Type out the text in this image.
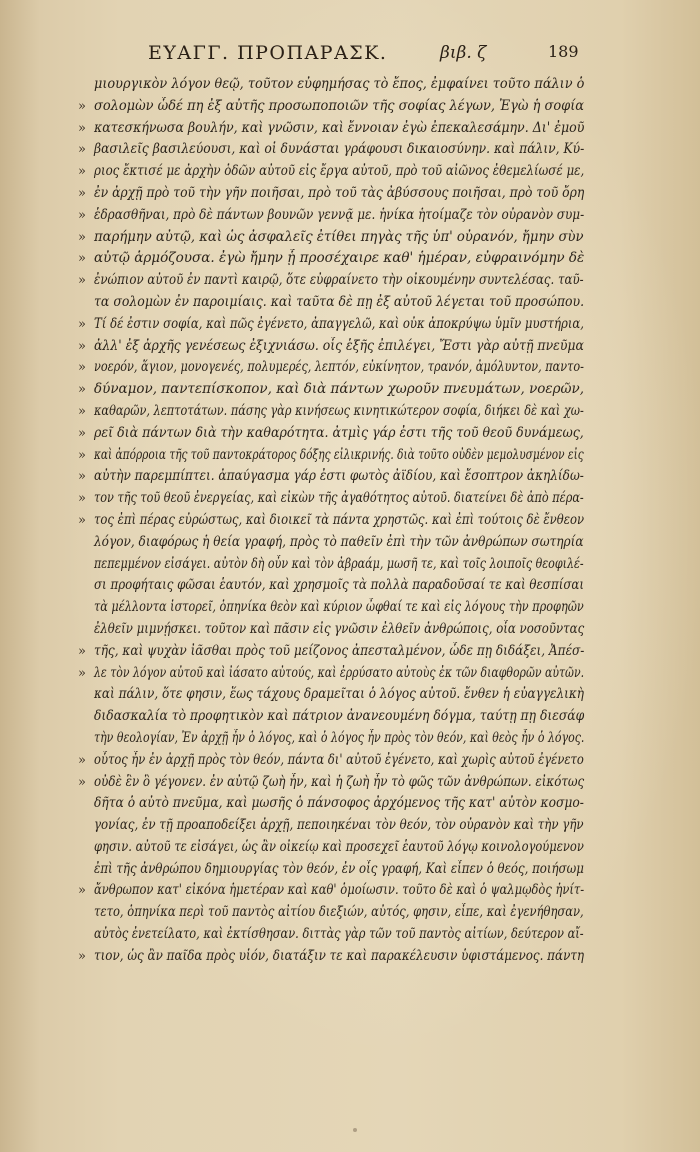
ΕΥΑΓΓ. ΠΡΟΠΑΡΑΣΚ.	βιβ. ζ	189
μιουργικὸν λόγον θεῷ, τοῦτον εὐφημήσας τὸ ἔπος, ἐμφαίνει τοῦτο πάλιν ὁ
» σολομὼν ὧδέ πη ἐξ αὐτῆς προσωποποιῶν τῆς σοφίας λέγων, Ἐγὼ ἡ σοφία
» κατεσκήνωσα βουλήν, καὶ γνῶσιν, καὶ ἔννοιαν ἐγὼ ἐπεκαλεσάμην. Δι' ἐμοῦ
» βασιλεῖς βασιλεύουσι, καὶ οἱ δυνάσται γράφουσι δικαιοσύνην. καὶ πάλιν, Κύ-
» ριος ἔκτισέ με ἀρχὴν ὁδῶν αὐτοῦ εἰς ἔργα αὐτοῦ, πρὸ τοῦ αἰῶνος ἐθεμελίωσέ με,
» ἐν ἀρχῇ πρὸ τοῦ τὴν γῆν ποιῆσαι, πρὸ τοῦ τὰς ἀβύσσους ποιῆσαι, πρὸ τοῦ ὄρη
» ἑδρασθῆναι, πρὸ δὲ πάντων βουνῶν γεννᾷ με. ἡνίκα ἡτοίμαζε τὸν οὐρανὸν συμ-
» παρήμην αὐτῷ, καὶ ὡς ἀσφαλεῖς ἐτίθει πηγὰς τῆς ὑπ' οὐρανόν, ἤμην σὺν
» αὐτῷ ἁρμόζουσα. ἐγὼ ἤμην ᾗ προσέχαιρε καθ' ἡμέραν, εὐφραινόμην δὲ
» ἐνώπιον αὐτοῦ ἐν παντὶ καιρῷ, ὅτε εὐφραίνετο τὴν οἰκουμένην συντελέσας. ταῦ-
τα σολομὼν ἐν παροιμίαις. καὶ ταῦτα δὲ πῃ ἐξ αὐτοῦ λέγεται τοῦ προσώπου.
» Τί δέ ἐστιν σοφία, καὶ πῶς ἐγένετο, ἀπαγγελῶ, καὶ οὐκ ἀποκρύψω ὑμῖν μυστήρια,
» ἀλλ' ἐξ ἀρχῆς γενέσεως ἐξιχνιάσω. οἷς ἑξῆς ἐπιλέγει, Ἔστι γὰρ αὐτῇ πνεῦμα
» νοερόν, ἅγιον, μονογενές, πολυμερές, λεπτόν, εὐκίνητον, τρανόν, ἀμόλυντον, παντο-
» δύναμον, παντεπίσκοπον, καὶ διὰ πάντων χωροῦν πνευμάτων, νοερῶν,
» καθαρῶν, λεπτοτάτων. πάσης γὰρ κινήσεως κινητικώτερον σοφία, διήκει δὲ καὶ χω-
» ρεῖ διὰ πάντων διὰ τὴν καθαρότητα. ἀτμὶς γάρ ἐστι τῆς τοῦ θεοῦ δυνάμεως,
» καὶ ἀπόρροια τῆς τοῦ παντοκράτορος δόξης εἰλικρινής. διὰ τοῦτο οὐδὲν μεμολυσμένον εἰς
» αὐτὴν παρεμπίπτει. ἀπαύγασμα γάρ ἐστι φωτὸς ἀϊδίου, καὶ ἔσοπτρον ἀκηλίδω-
» τον τῆς τοῦ θεοῦ ἐνεργείας, καὶ εἰκὼν τῆς ἀγαθότητος αὐτοῦ. διατείνει δὲ ἀπὸ πέρα-
» τος ἐπὶ πέρας εὐρώστως, καὶ διοικεῖ τὰ πάντα χρηστῶς. καὶ ἐπὶ τούτοις δὲ ἔνθεον
λόγον, διαφόρως ἡ θεία γραφή, πρὸς τὸ παθεῖν ἐπὶ τὴν τῶν ἀνθρώπων σωτηρία
πεπεμμένον εἰσάγει. αὐτὸν δὴ οὖν καὶ τὸν ἀβραάμ, μωσῆ τε, καὶ τοῖς λοιποῖς θεοφιλέ-
σι προφήταις φῶσαι ἑαυτόν, καὶ χρησμοῖς τὰ πολλὰ παραδοῦσαί τε καὶ θεσπίσαι
τὰ μέλλοντα ἱστορεῖ, ὁπηνίκα θεὸν καὶ κύριον ὦφθαί τε καὶ εἰς λόγους τὴν προφηῶν
ἐλθεῖν μιμνῄσκει. τοῦτον καὶ πᾶσιν εἰς γνῶσιν ἐλθεῖν ἀνθρώποις, οἷα νοσοῦντας
» τῆς, καὶ ψυχὰν ἰᾶσθαι πρὸς τοῦ μείζονος ἀπεσταλμένον, ὧδε πῃ διδάξει, Ἀπέσ-
» λε τὸν λόγον αὐτοῦ καὶ ἰάσατο αὐτούς, καὶ ἐρρύσατο αὐτοὺς ἐκ τῶν διαφθορῶν αὐτῶν.
καὶ πάλιν, ὅτε φησιν, ἕως τάχους δραμεῖται ὁ λόγος αὐτοῦ. ἔνθεν ἡ εὐαγγελικὴ
διδασκαλία τὸ προφητικὸν καὶ πάτριον ἀνανεουμένη δόγμα, ταύτῃ πῃ διεσάφ
τὴν θεολογίαν, Ἐν ἀρχῇ ἦν ὁ λόγος, καὶ ὁ λόγος ἦν πρὸς τὸν θεόν, καὶ θεὸς ἦν ὁ λόγος.
» οὗτος ἦν ἐν ἀρχῇ πρὸς τὸν θεόν, πάντα δι' αὐτοῦ ἐγένετο, καὶ χωρὶς αὐτοῦ ἐγένετο
» οὐδὲ ἓν ὃ γέγονεν. ἐν αὐτῷ ζωὴ ἦν, καὶ ἡ ζωὴ ἦν τὸ φῶς τῶν ἀνθρώπων. εἰκότως
δῆτα ὁ αὐτὸ πνεῦμα, καὶ μωσῆς ὁ πάνσοφος ἀρχόμενος τῆς κατ' αὐτὸν κοσμο-
γονίας, ἐν τῇ προαποδείξει ἀρχῇ, πεποιηκέναι τὸν θεόν, τὸν οὐρανὸν καὶ τὴν γῆν
φησιν. αὐτοῦ τε εἰσάγει, ὡς ἂν οἰκείῳ καὶ προσεχεῖ ἑαυτοῦ λόγῳ κοινολογούμενον
ἐπὶ τῆς ἀνθρώπου δημιουργίας τὸν θεόν, ἐν οἷς γραφή, Καὶ εἶπεν ὁ θεός, ποιήσωμ
» ἄνθρωπον κατ' εἰκόνα ἡμετέραν καὶ καθ' ὁμοίωσιν. τοῦτο δὲ καὶ ὁ ψαλμῳδὸς ἡνίτ-
τετο, ὁπηνίκα περὶ τοῦ παντὸς αἰτίου διεξιών, αὐτός, φησιν, εἶπε, καὶ ἐγενήθησαν,
αὐτὸς ἐνετείλατο, καὶ ἐκτίσθησαν. διττὰς γὰρ τῶν τοῦ παντὸς αἰτίων, δεύτερον αἴ-
» τιον, ὡς ἂν παῖδα πρὸς υἱόν, διατάξιν τε καὶ παρακέλευσιν ὑφιστάμενος. πάντη
